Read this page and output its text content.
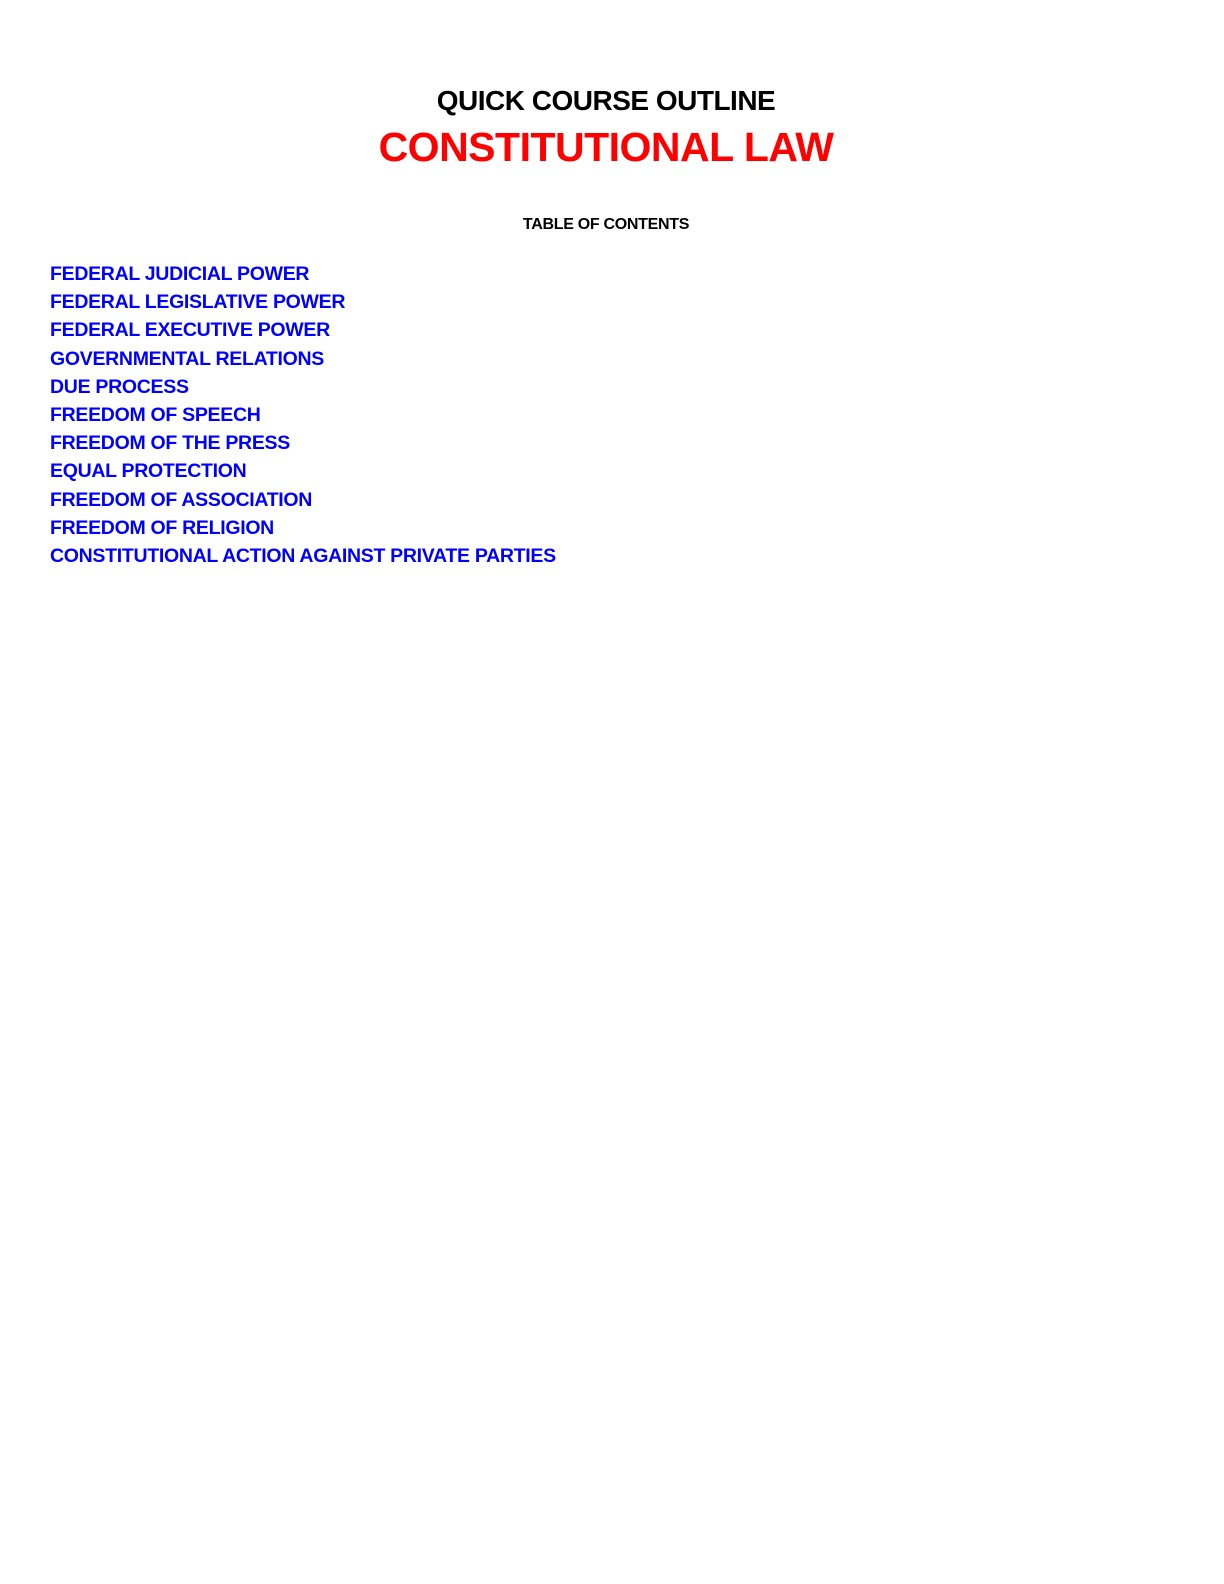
QUICK COURSE OUTLINE
CONSTITUTIONAL LAW
TABLE OF CONTENTS
FEDERAL JUDICIAL POWER
FEDERAL LEGISLATIVE POWER
FEDERAL EXECUTIVE POWER
GOVERNMENTAL RELATIONS
DUE PROCESS
FREEDOM OF SPEECH
FREEDOM OF THE PRESS
EQUAL PROTECTION
FREEDOM OF ASSOCIATION
FREEDOM OF RELIGION
CONSTITUTIONAL ACTION AGAINST PRIVATE PARTIES
